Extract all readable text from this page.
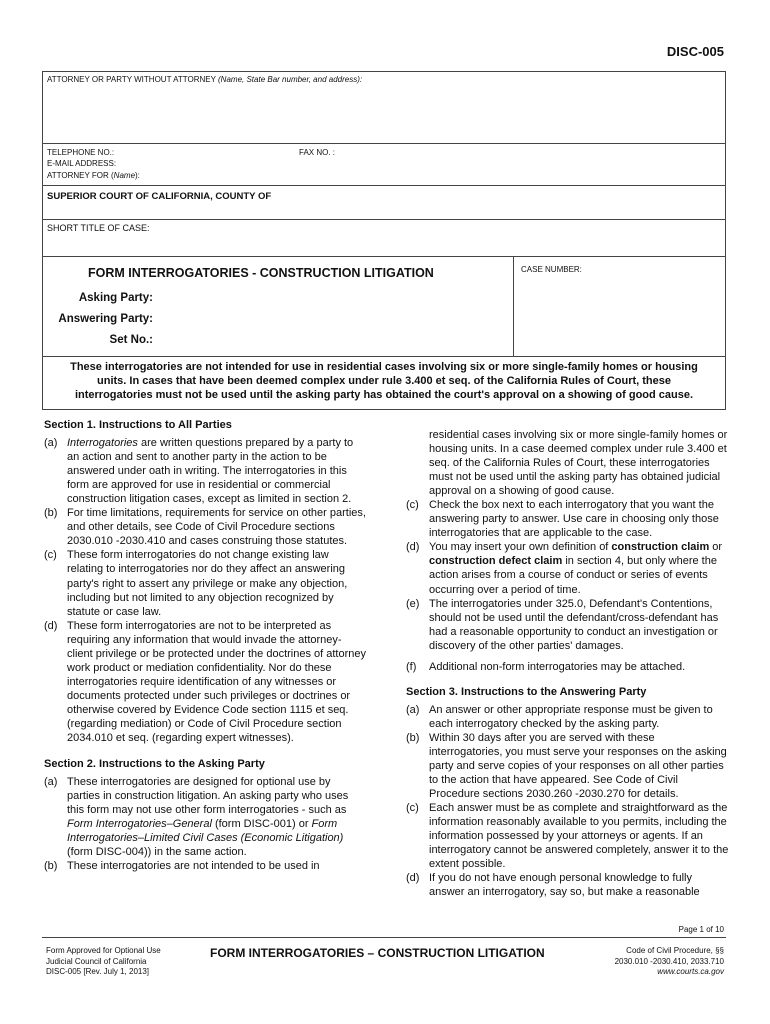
DISC-005
ATTORNEY OR PARTY WITHOUT ATTORNEY (Name, State Bar number, and address):
TELEPHONE NO.:	FAX NO. :
E-MAIL ADDRESS:
ATTORNEY FOR (Name):
SUPERIOR COURT OF CALIFORNIA, COUNTY OF
SHORT TITLE OF CASE:
FORM INTERROGATORIES - CONSTRUCTION LITIGATION	CASE NUMBER:
Asking Party:
Answering Party:
Set No.:
These interrogatories are not intended for use in residential cases involving six or more single-family homes or housing units. In cases that have been deemed complex under rule 3.400 et seq. of the California Rules of Court, these interrogatories must not be used until the asking party has obtained the court's approval on a showing of good cause.
Section 1. Instructions to All Parties
(a) Interrogatories are written questions prepared by a party to an action and sent to another party in the action to be answered under oath in writing. The interrogatories in this form are approved for use in residential or commercial construction litigation cases, except as limited in section 2.
(b) For time limitations, requirements for service on other parties, and other details, see Code of Civil Procedure sections 2030.010 -2030.410 and cases construing those statutes.
(c) These form interrogatories do not change existing law relating to interrogatories nor do they affect an answering party's right to assert any privilege or make any objection, including but not limited to any objection recognized by statute or case law.
(d) These form interrogatories are not to be interpreted as requiring any information that would invade the attorney-client privilege or be protected under the doctrines of attorney work product or mediation confidentiality. Nor do these interrogatories require identification of any witnesses or documents protected under such privileges or doctrines or otherwise covered by Evidence Code section 1115 et seq. (regarding mediation) or Code of Civil Procedure section 2034.010 et seq. (regarding expert witnesses).
Section 2. Instructions to the Asking Party
(a) These interrogatories are designed for optional use by parties in construction litigation. An asking party who uses this form may not use other form interrogatories - such as Form Interrogatories–General (form DISC-001) or Form Interrogatories–Limited Civil Cases (Economic Litigation) (form DISC-004)) in the same action.
(b) These interrogatories are not intended to be used in
residential cases involving six or more single-family homes or housing units. In a case deemed complex under rule 3.400 et seq. of the California Rules of Court, these interrogatories must not be used until the asking party has obtained judicial approval on a showing of good cause.
(c) Check the box next to each interrogatory that you want the answering party to answer. Use care in choosing only those interrogatories that are applicable to the case.
(d) You may insert your own definition of construction claim or construction defect claim in section 4, but only where the action arises from a course of conduct or series of events occurring over a period of time.
(e) The interrogatories under 325.0, Defendant's Contentions, should not be used until the defendant/cross-defendant has had a reasonable opportunity to conduct an investigation or discovery of the other parties' damages.
(f) Additional non-form interrogatories may be attached.
Section 3. Instructions to the Answering Party
(a) An answer or other appropriate response must be given to each interrogatory checked by the asking party.
(b) Within 30 days after you are served with these interrogatories, you must serve your responses on the asking party and serve copies of your responses on all other parties to the action that have appeared. See Code of Civil Procedure sections 2030.260 -2030.270 for details.
(c) Each answer must be as complete and straightforward as the information reasonably available to you permits, including the information possessed by your attorneys or agents. If an interrogatory cannot be answered completely, answer it to the extent possible.
(d) If you do not have enough personal knowledge to fully answer an interrogatory, say so, but make a reasonable
Page 1 of 10
Form Approved for Optional Use
Judicial Council of California
DISC-005 [Rev. July 1, 2013]
FORM INTERROGATORIES – CONSTRUCTION LITIGATION	Code of Civil Procedure, §§
2030.010 -2030.410, 2033.710
www.courts.ca.gov
